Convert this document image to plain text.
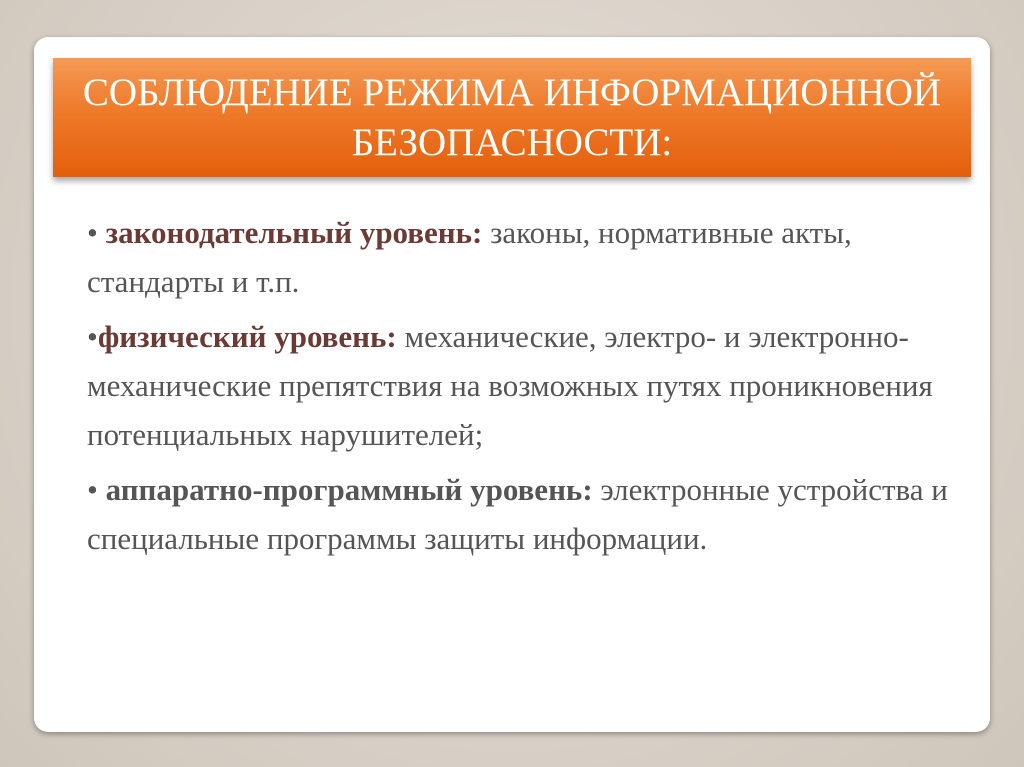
СОБЛЮДЕНИЕ РЕЖИМА ИНФОРМАЦИОННОЙ
БЕЗОПАСНОСТИ:
• законодательный уровень: законы, нормативные акты, стандарты и т.п.
•физический уровень: механические, электро- и электронно-механические препятствия на возможных путях проникновения потенциальных нарушителей;
• аппаратно-программный уровень: электронные устройства и специальные программы защиты информации.
